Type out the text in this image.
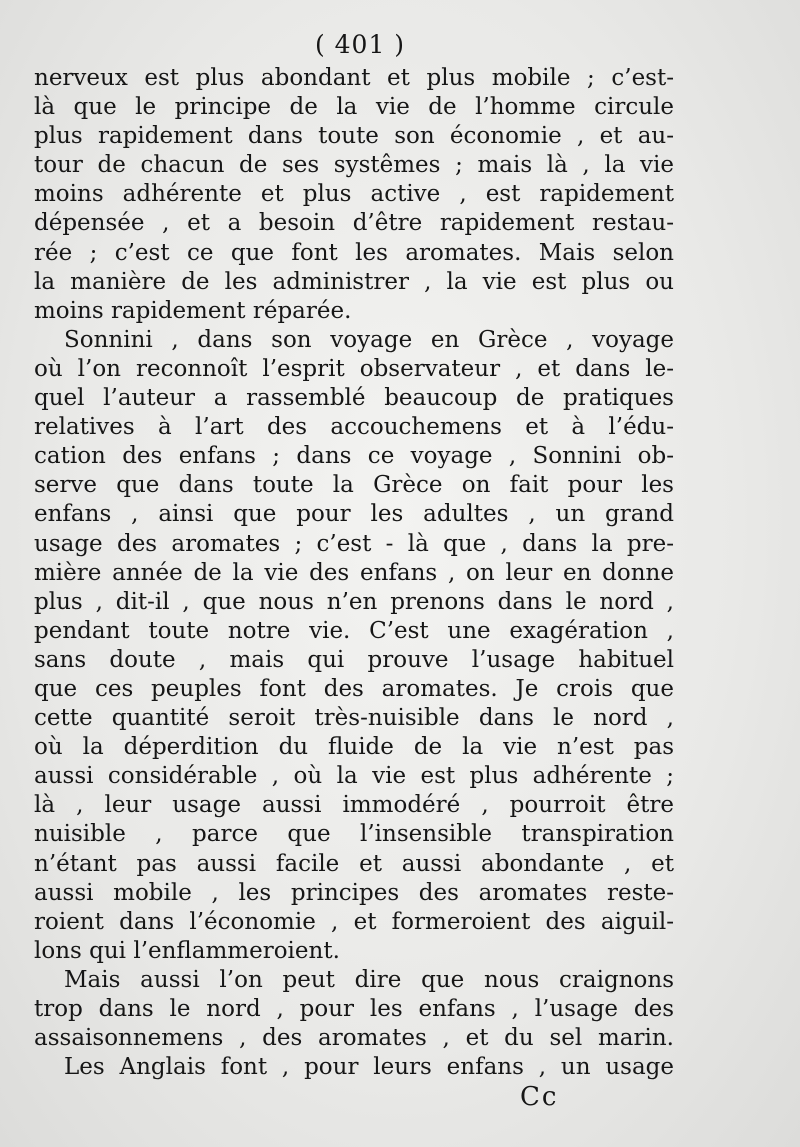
( 401 )
nerveux est plus abondant et plus mobile ; c’est-
là que le principe de la vie de l’homme circule
plus rapidement dans toute son économie , et au-
tour de chacun de ses systêmes ; mais là , la vie
moins adhérente et plus active , est rapidement
dépensée , et a besoin d’être rapidement restau-
rée ; c’est ce que font les aromates. Mais selon
la manière de les administrer , la vie est plus ou
moins rapidement réparée.
Sonnini , dans son voyage en Grèce , voyage
où l’on reconnoît l’esprit observateur , et dans le-
quel l’auteur a rassemblé beaucoup de pratiques
relatives à l’art des accouchemens et à l’édu-
cation des enfans ; dans ce voyage , Sonnini ob-
serve que dans toute la Grèce on fait pour les
enfans , ainsi que pour les adultes , un grand
usage des aromates ; c’est - là que , dans la pre-
mière année de la vie des enfans , on leur en donne
plus , dit-il , que nous n’en prenons dans le nord ,
pendant toute notre vie. C’est une exagération ,
sans doute , mais qui prouve l’usage habituel
que ces peuples font des aromates. Je crois que
cette quantité seroit très-nuisible dans le nord ,
où la déperdition du fluide de la vie n’est pas
aussi considérable , où la vie est plus adhérente ;
là , leur usage aussi immodéré , pourroit être
nuisible , parce que l’insensible transpiration
n’étant pas aussi facile et aussi abondante , et
aussi mobile , les principes des aromates reste-
roient dans l’économie , et formeroient des aiguil-
lons qui l’enflammeroient.
Mais aussi l’on peut dire que nous craignons
trop dans le nord , pour les enfans , l’usage des
assaisonnemens , des aromates , et du sel marin.
Les Anglais font , pour leurs enfans , un usage
Cc
